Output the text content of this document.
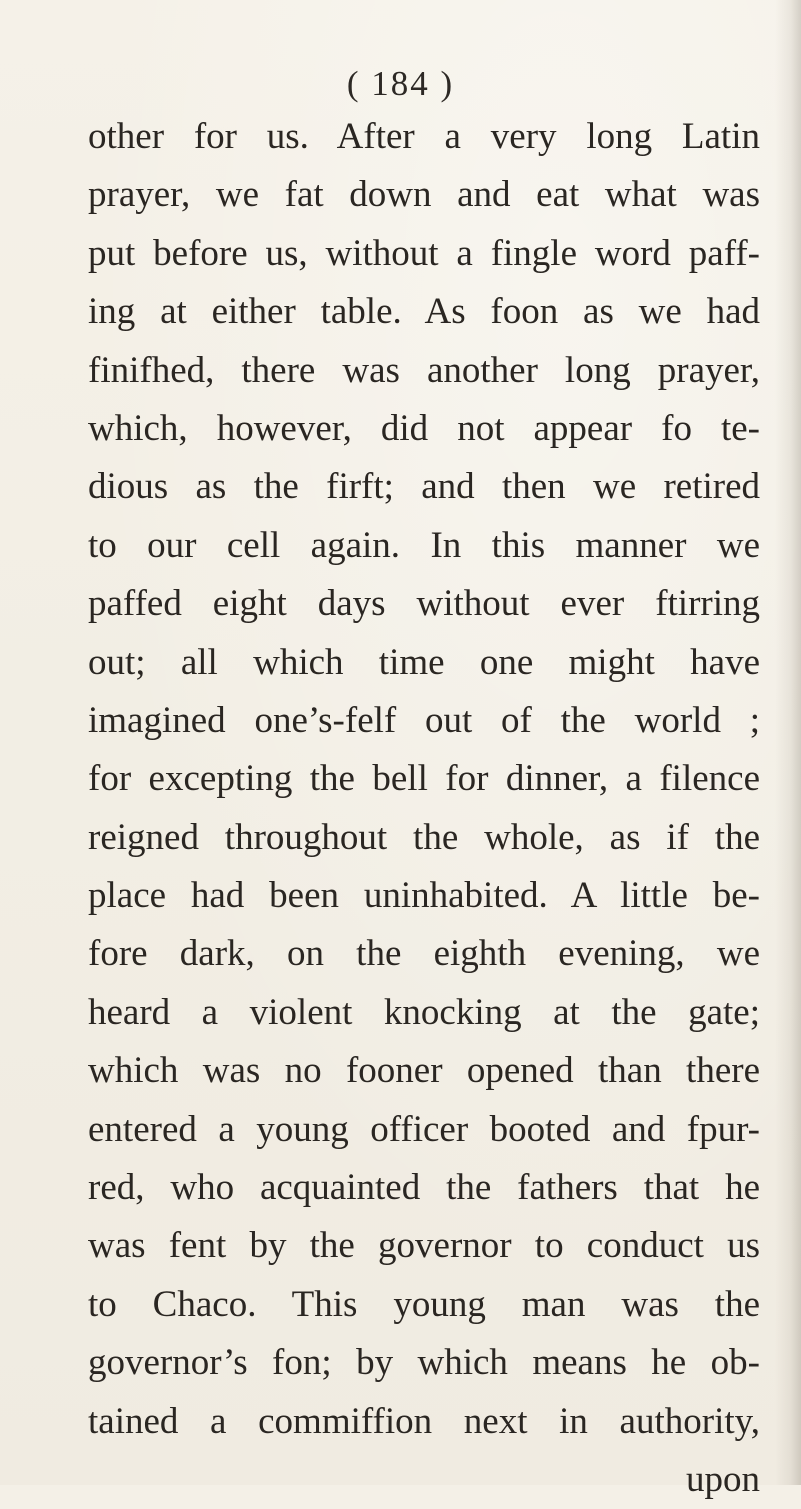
( 184 )
other for us. After a very long Latin
prayer, we fat down and eat what was
put before us, without a fingle word paff-
ing at either table. As foon as we had
finifhed, there was another long prayer,
which, however, did not appear fo te-
dious as the firft; and then we retired
to our cell again. In this manner we
paffed eight days without ever ftirring
out; all which time one might have
imagined one’s-felf out of the world ;
for excepting the bell for dinner, a filence
reigned throughout the whole, as if the
place had been uninhabited. A little be-
fore dark, on the eighth evening, we
heard a violent knocking at the gate;
which was no fooner opened than there
entered a young officer booted and fpur-
red, who acquainted the fathers that he
was fent by the governor to conduct us
to Chaco. This young man was the
governor’s fon; by which means he ob-
tained a commiffion next in authority,
upon
